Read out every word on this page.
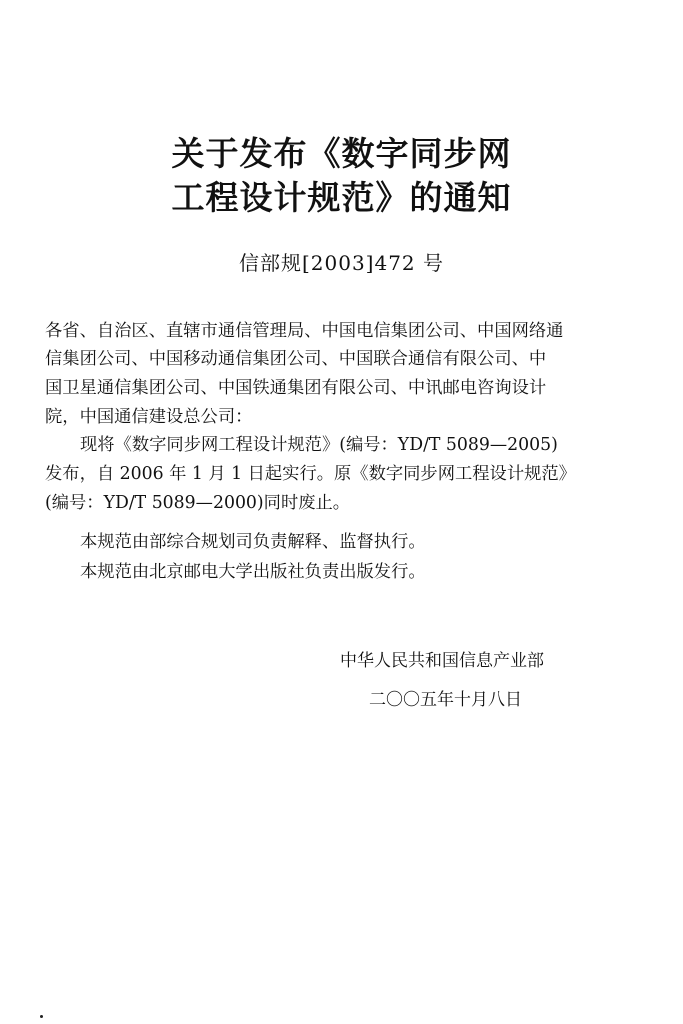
关于发布《数字同步网
工程设计规范》的通知
信部规[2003]472 号
各省、自治区、直辖市通信管理局、中国电信集团公司、中国网络通
信集团公司、中国移动通信集团公司、中国联合通信有限公司、中
国卫星通信集团公司、中国铁通集团有限公司、中讯邮电咨询设计
院，中国通信建设总公司：
现将《数字同步网工程设计规范》(编号：YD/T 5089—2005)
发布，自 2006 年 1 月 1 日起实行。原《数字同步网工程设计规范》
(编号：YD/T 5089—2000)同时废止。
本规范由部综合规划司负责解释、监督执行。
本规范由北京邮电大学出版社负责出版发行。
中华人民共和国信息产业部
二〇〇五年十月八日
